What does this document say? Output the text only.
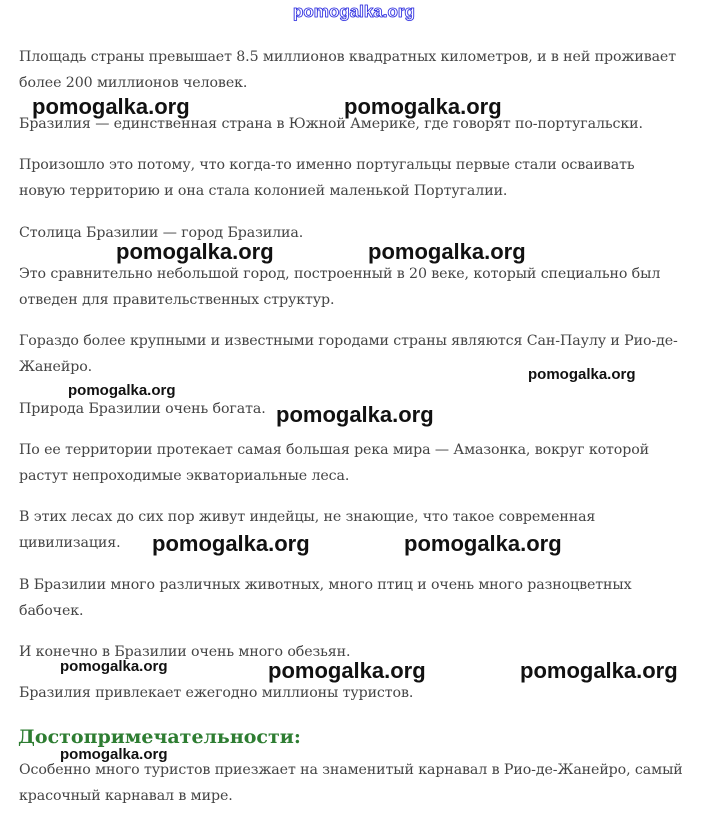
Площадь страны превышает 8.5 миллионов квадратных километров, и в ней проживает более 200 миллионов человек.

Бразилия — единственная страна в Южной Америке, где говорят по-португальски.

Произошло это потому, что когда-то именно португальцы первые стали осваивать новую территорию и она стала колонией маленькой Португалии.

Столица Бразилии — город Бразилиа.

Это сравнительно небольшой город, построенный в 20 веке, который специально был отведен для правительственных структур.

Гораздо более крупными и известными городами страны являются Сан-Паулу и Рио-де-Жанейро.

Природа Бразилии очень богата.

По ее территории протекает самая большая река мира — Амазонка, вокруг которой растут непроходимые экваториальные леса.

В этих лесах до сих пор живут индейцы, не знающие, что такое современная цивилизация.

В Бразилии много различных животных, много птиц и очень много разноцветных бабочек.

И конечно в Бразилии очень много обезьян.

Бразилия привлекает ежегодно миллионы туристов.

Достопримечательности:

Особенно много туристов приезжает на знаменитый карнавал в Рио-де-Жанейро, самый красочный карнавал в мире.

pomogalka.org
pomogalka.org	pomogalka.org
pomogalka.org	pomogalka.org
pomogalka.org
pomogalka.org
pomogalka.org
pomogalka.org	pomogalka.org
pomogalka.org	pomogalka.org	pomogalka.org
pomogalka.org
